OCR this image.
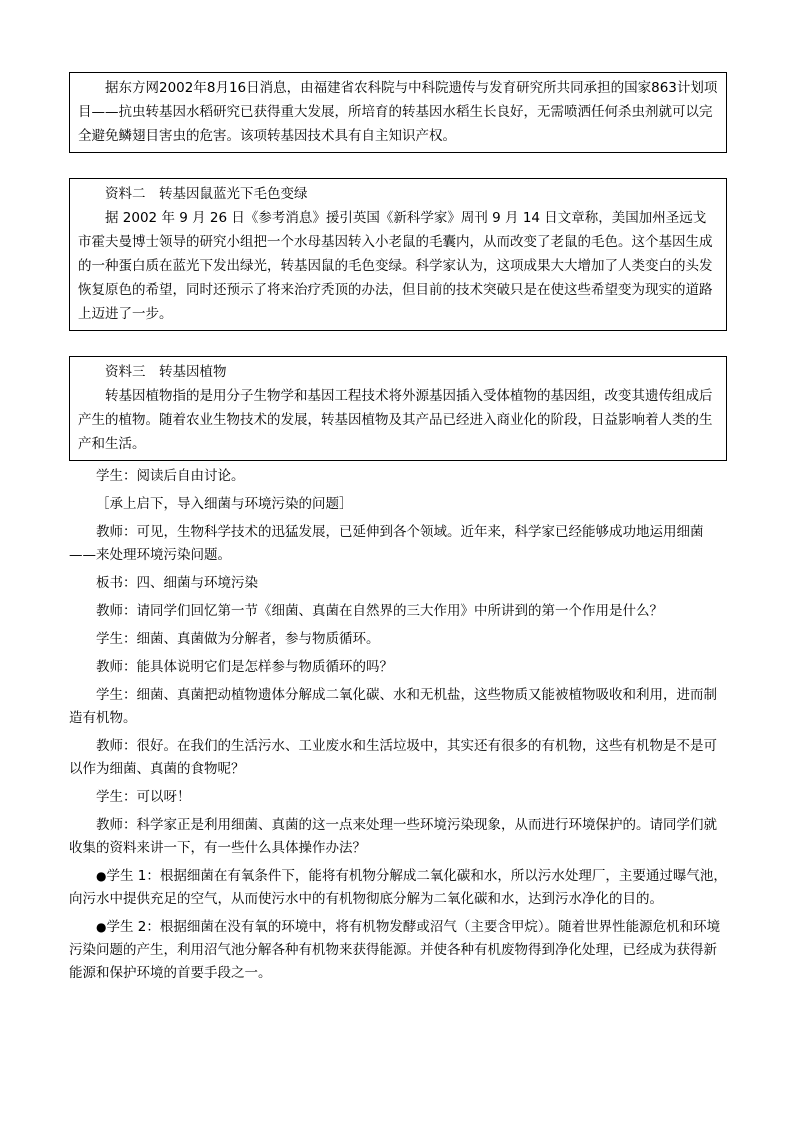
据东方网2002年8月16日消息，由福建省农科院与中科院遗传与发育研究所共同承担的国家863计划项目——抗虫转基因水稻研究已获得重大发展，所培育的转基因水稻生长良好，无需喷洒任何杀虫剂就可以完全避免鳞翅目害虫的危害。该项转基因技术具有自主知识产权。

资料二　转基因鼠蓝光下毛色变绿

据 2002 年 9 月 26 日《参考消息》援引英国《新科学家》周刊 9 月 14 日文章称，美国加州圣远戈市霍夫曼博士领导的研究小组把一个水母基因转入小老鼠的毛囊内，从而改变了老鼠的毛色。这个基因生成的一种蛋白质在蓝光下发出绿光，转基因鼠的毛色变绿。科学家认为，这项成果大大增加了人类变白的头发恢复原色的希望，同时还预示了将来治疗秃顶的办法，但目前的技术突破只是在使这些希望变为现实的道路上迈进了一步。

资料三　转基因植物

转基因植物指的是用分子生物学和基因工程技术将外源基因插入受体植物的基因组，改变其遗传组成后产生的植物。随着农业生物技术的发展，转基因植物及其产品已经进入商业化的阶段，日益影响着人类的生产和生活。

学生：阅读后自由讨论。

［承上启下，导入细菌与环境污染的问题］

教师：可见，生物科学技术的迅猛发展，已延伸到各个领域。近年来，科学家已经能够成功地运用细菌——来处理环境污染问题。

板书：四、细菌与环境污染

教师：请同学们回忆第一节《细菌、真菌在自然界的三大作用》中所讲到的第一个作用是什么？

学生：细菌、真菌做为分解者，参与物质循环。

教师：能具体说明它们是怎样参与物质循环的吗？

学生：细菌、真菌把动植物遗体分解成二氧化碳、水和无机盐，这些物质又能被植物吸收和利用，进而制造有机物。

教师：很好。在我们的生活污水、工业废水和生活垃圾中，其实还有很多的有机物，这些有机物是不是可以作为细菌、真菌的食物呢？

学生：可以呀！

教师：科学家正是利用细菌、真菌的这一点来处理一些环境污染现象，从而进行环境保护的。请同学们就收集的资料来讲一下，有一些什么具体操作办法？

●学生 1：根据细菌在有氧条件下，能将有机物分解成二氧化碳和水，所以污水处理厂，主要通过曝气池，向污水中提供充足的空气，从而使污水中的有机物彻底分解为二氧化碳和水，达到污水净化的目的。

●学生 2：根据细菌在没有氧的环境中，将有机物发酵或沼气（主要含甲烷）。随着世界性能源危机和环境污染问题的产生，利用沼气池分解各种有机物来获得能源。并使各种有机废物得到净化处理，已经成为获得新能源和保护环境的首要手段之一。
